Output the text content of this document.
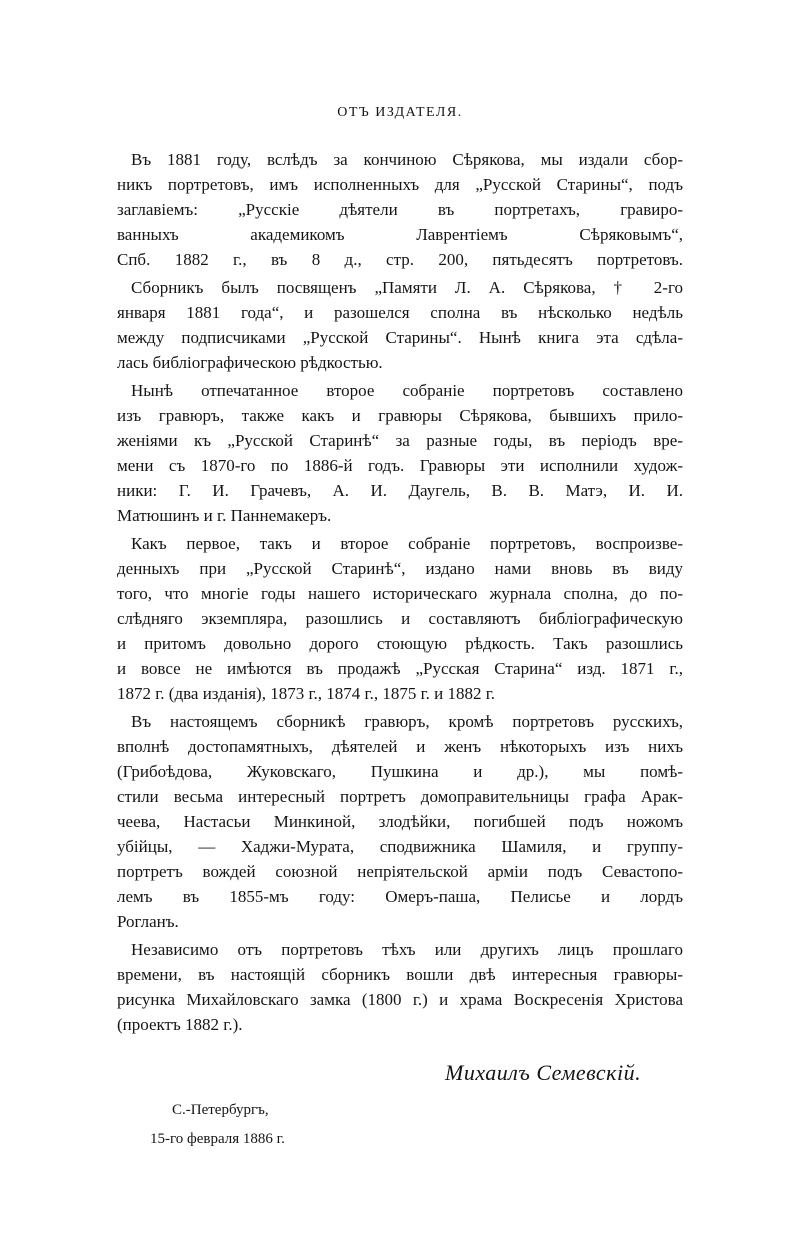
ОТЪ ИЗДАТЕЛЯ.
Въ 1881 году, вслѣдъ за кончиною Сѣрякова, мы издали сбор-
никъ портретовъ, имъ исполненныхъ для „Русской Старины“, подъ
заглавіемъ: „Русскіе дѣятели въ портретахъ, гравиро-
ванныхъ академикомъ Лаврентіемъ Сѣряковымъ“,
Спб. 1882 г., въ 8 д., стр. 200, пятьдесятъ портретовъ.
Сборникъ былъ посвященъ „Памяти Л. А. Сѣрякова, † 2-го
января 1881 года“, и разошелся сполна въ нѣсколько недѣль
между подписчиками „Русской Старины“. Нынѣ книга эта сдѣла-
лась библіографическою рѣдкостью.
Нынѣ отпечатанное второе собраніе портретовъ составлено
изъ гравюръ, также какъ и гравюры Сѣрякова, бывшихъ прило-
женіями къ „Русской Старинѣ“ за разные годы, въ періодъ вре-
мени съ 1870-го по 1886-й годъ. Гравюры эти исполнили худож-
ники: Г. И. Грачевъ, А. И. Даугель, В. В. Матэ, И. И.
Матюшинъ и г. Паннемакеръ.
Какъ первое, такъ и второе собраніе портретовъ, воспроизве-
денныхъ при „Русской Старинѣ“, издано нами вновь въ виду
того, что многіе годы нашего историческаго журнала сполна, до по-
слѣдняго экземпляра, разошлись и составляютъ библіографическую
и притомъ довольно дорого стоющую рѣдкость. Такъ разошлись
и вовсе не имѣются въ продажѣ „Русская Старина“ изд. 1871 г.,
1872 г. (два изданія), 1873 г., 1874 г., 1875 г. и 1882 г.
Въ настоящемъ сборникѣ гравюръ, кромѣ портретовъ русскихъ,
вполнѣ достопамятныхъ, дѣятелей и женъ нѣкоторыхъ изъ нихъ
(Грибоѣдова, Жуковскаго, Пушкина и др.), мы помѣ-
стили весьма интересный портретъ домоправительницы графа Арак-
чеева, Настасьи Минкиной, злодѣйки, погибшей подъ ножомъ
убійцы, — Хаджи-Мурата, сподвижника Шамиля, и группу-
портретъ вождей союзной непріятельской арміи подъ Севастопо-
лемъ въ 1855-мъ году: Омеръ-паша, Пелисье и лордъ
Рогланъ.
Независимо отъ портретовъ тѣхъ или другихъ лицъ прошлаго
времени, въ настоящій сборникъ вошли двѣ интересныя гравюры-
рисунка Михайловскаго замка (1800 г.) и храма Воскресенія Христова
(проектъ 1882 г.).
Михаилъ Семевскій.
С.-Петербургъ,
15-го февраля 1886 г.
